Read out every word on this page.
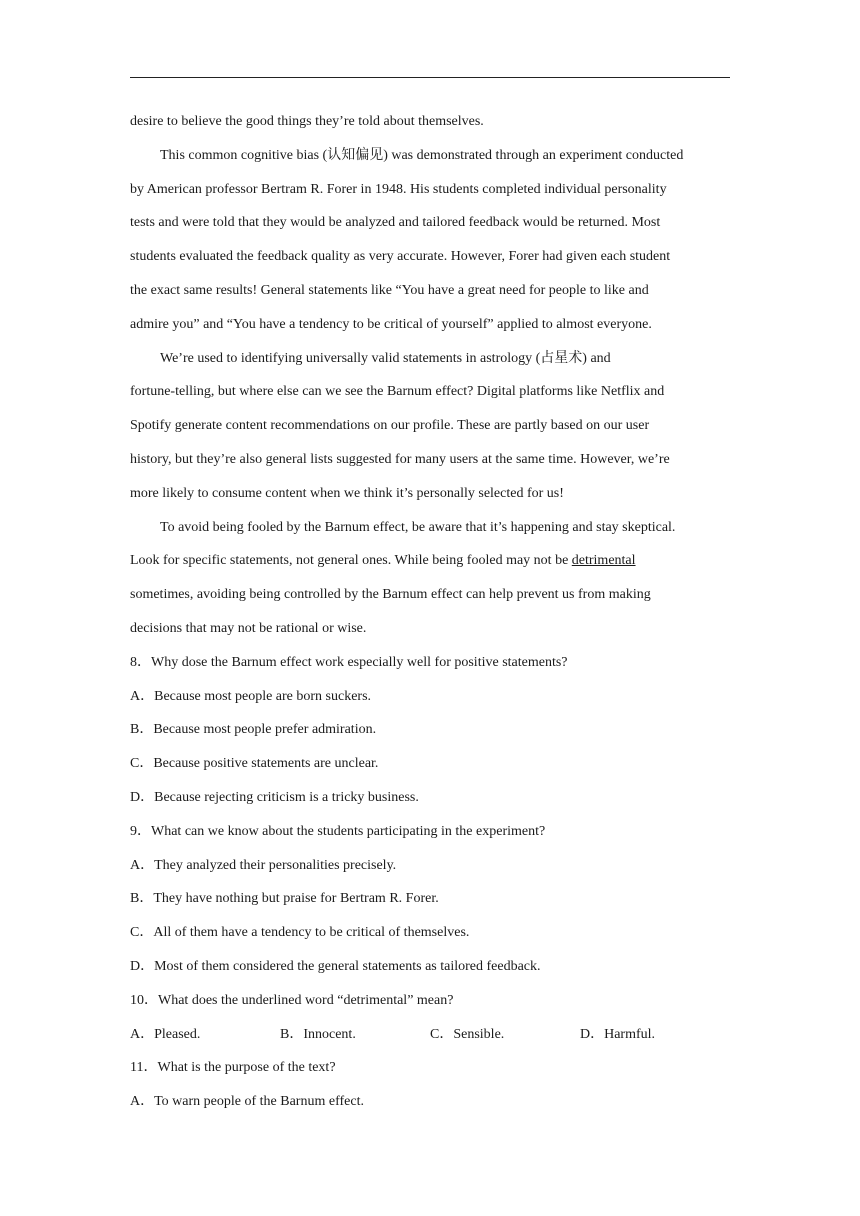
desire to believe the good things they’re told about themselves.
This common cognitive bias (认知偏见) was demonstrated through an experiment conducted
by American professor Bertram R. Forer in 1948. His students completed individual personality
tests and were told that they would be analyzed and tailored feedback would be returned. Most
students evaluated the feedback quality as very accurate. However, Forer had given each student
the exact same results! General statements like “You have a great need for people to like and
admire you” and “You have a tendency to be critical of yourself” applied to almost everyone.
We’re used to identifying universally valid statements in astrology (占星术) and
fortune-telling, but where else can we see the Barnum effect? Digital platforms like Netflix and
Spotify generate content recommendations on our profile. These are partly based on our user
history, but they’re also general lists suggested for many users at the same time. However, we’re
more likely to consume content when we think it’s personally selected for us!
To avoid being fooled by the Barnum effect, be aware that it’s happening and stay skeptical.
Look for specific statements, not general ones. While being fooled may not be detrimental
sometimes, avoiding being controlled by the Barnum effect can help prevent us from making
decisions that may not be rational or wise.
8．Why dose the Barnum effect work especially well for positive statements?
A．Because most people are born suckers.
B．Because most people prefer admiration.
C．Because positive statements are unclear.
D．Because rejecting criticism is a tricky business.
9．What can we know about the students participating in the experiment?
A．They analyzed their personalities precisely.
B．They have nothing but praise for Bertram R. Forer.
C．All of them have a tendency to be critical of themselves.
D．Most of them considered the general statements as tailored feedback.
10．What does the underlined word “detrimental” mean?
A．Pleased.	B．Innocent.	C．Sensible.	D．Harmful.
11．What is the purpose of the text?
A．To warn people of the Barnum effect.
